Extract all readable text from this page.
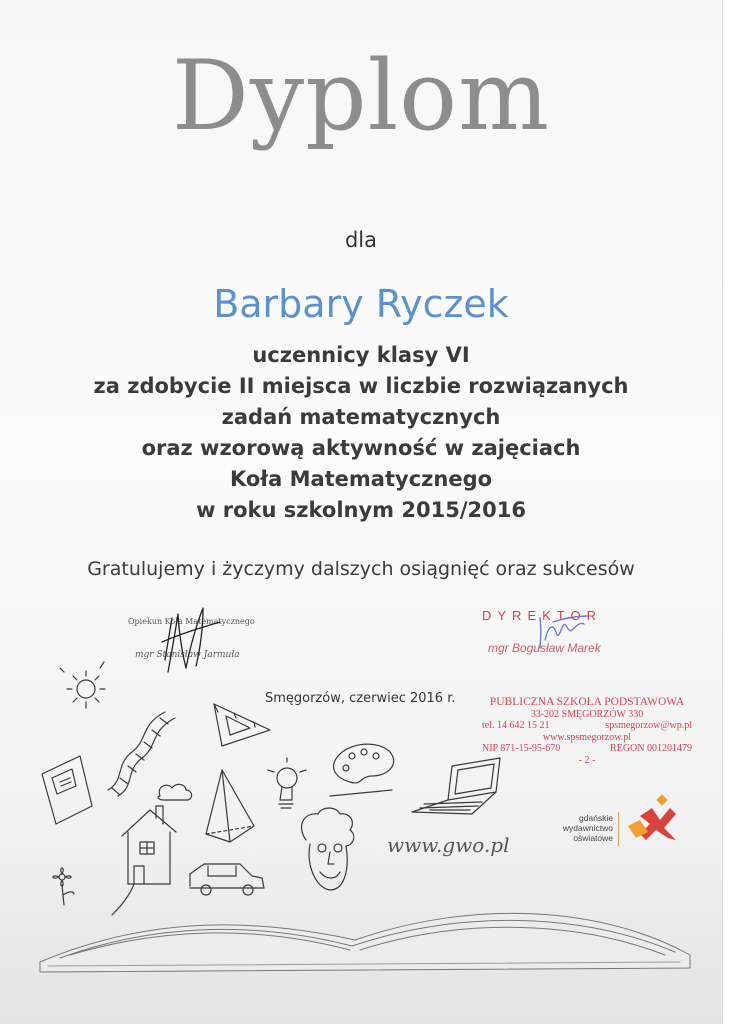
Dyplom
dla
Barbary Ryczek
uczennicy klasy VI
za zdobycie II miejsca w liczbie rozwiązanych
zadań matematycznych
oraz wzorową aktywność w zajęciach
Koła Matematycznego
w roku szkolnym 2015/2016
Gratulujemy i życzymy dalszych osiągnięć oraz sukcesów
Opiekun Koła Matematycznego
mgr Stanisław Jarmuła
DYREKTOR
mgr Bogusław Marek
Smęgorzów, czerwiec 2016 r.	PUBLICZNA SZKOŁA PODSTAWOWA
33-202 SMĘGORZÓW 330
tel. 14 642 15 21	spsmegorzow@wp.pl
www.spsmegorzow.pl
NIP 871-15-95-670	REGON 001201479
- 2 -
gdańskie
wydawnictwo
oświatowe
www.gwo.pl
